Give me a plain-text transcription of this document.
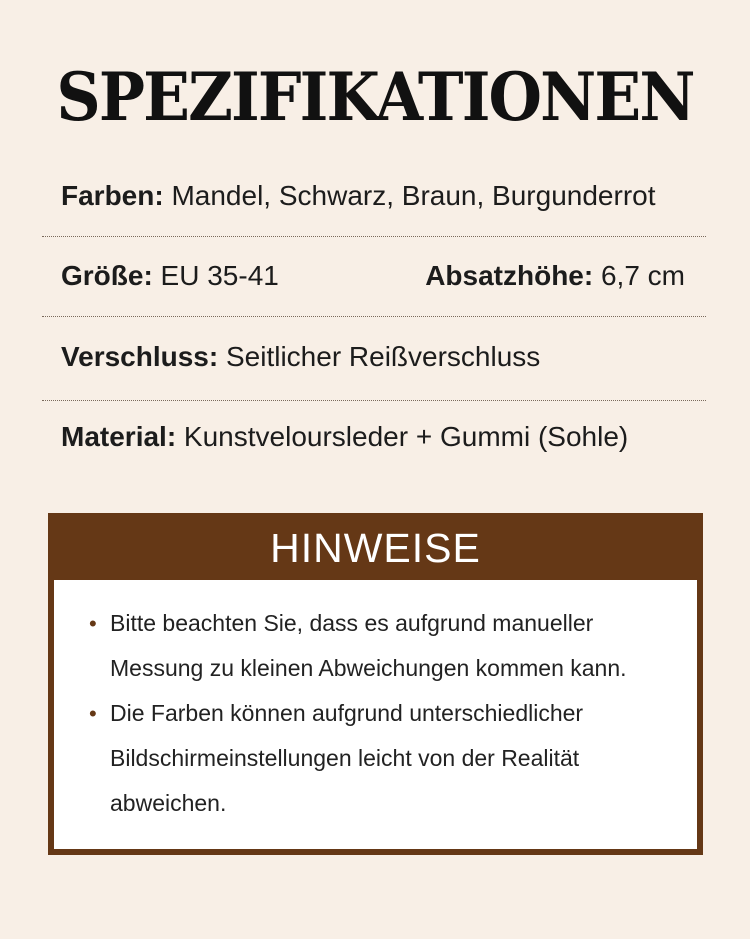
SPEZIFIKATIONEN
Farben: Mandel, Schwarz, Braun, Burgunderrot
Größe: EU 35-41	Absatzhöhe: 6,7 cm
Verschluss: Seitlicher Reißverschluss
Material: Kunstveloursleder + Gummi (Sohle)
HINWEISE
• Bitte beachten Sie, dass es aufgrund manueller Messung zu kleinen Abweichungen kommen kann.
• Die Farben können aufgrund unterschiedlicher Bildschirmeinstellungen leicht von der Realität abweichen.
